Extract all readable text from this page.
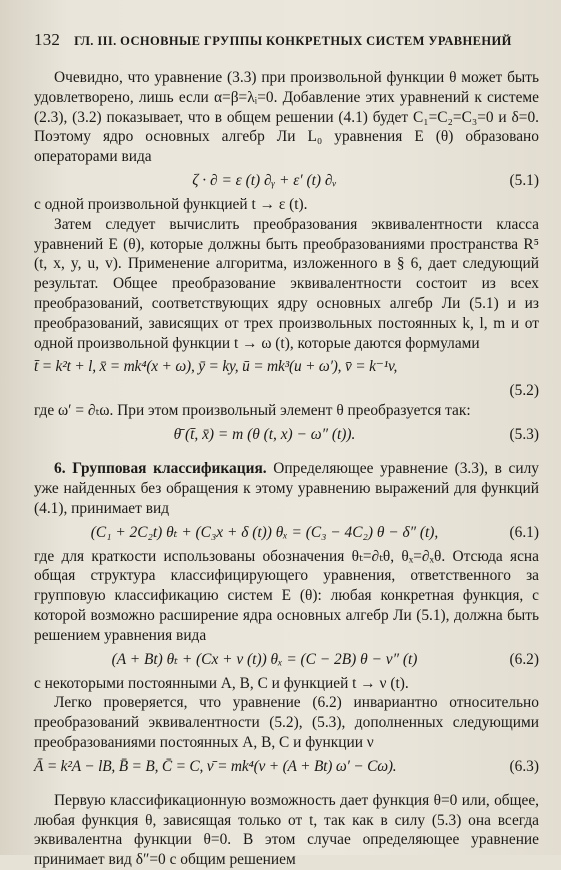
132 ГЛ. III. ОСНОВНЫЕ ГРУППЫ КОНКРЕТНЫХ СИСТЕМ УРАВНЕНИЙ

Очевидно, что уравнение (3.3) при произвольной функции θ может быть удовлетворено, лишь если α=β=λᵢ=0. Добавление этих уравнений к системе (2.3), (3.2) показывает, что в общем решении (4.1) будет C₁=C₂=C₃=0 и δ=0. Поэтому ядро основных алгебр Ли L₀ уравнения E (θ) образовано операторами вида

ζ · ∂ = ε (t) ∂ᵧ + ε′ (t) ∂ᵥ	(5.1)

с одной произвольной функцией t → ε (t).

Затем следует вычислить преобразования эквивалентности класса уравнений E (θ), которые должны быть преобразованиями пространства R⁵ (t, x, y, u, v). Применение алгоритма, изложенного в § 6, дает следующий результат. Общее преобразование эквивалентности состоит из всех преобразований, соответствующих ядру основных алгебр Ли (5.1) и из преобразований, зависящих от трех произвольных постоянных k, l, m и от одной произвольной функции t → ω (t), которые даются формулами

t̄ = k²t + l, x̄ = mk⁴(x + ω), ȳ = ky, ū = mk³(u + ω′), v̄ = k⁻¹v,
(5.2)

где ω′ = ∂ₜω. При этом произвольный элемент θ преобразуется так:

θ̄ (t̄, x̄) = m (θ (t, x) − ω″ (t)).	(5.3)

6. Групповая классификация. Определяющее уравнение (3.3), в силу уже найденных без обращения к этому уравнению выражений для функций (4.1), принимает вид

(C₁ + 2C₂t) θₜ + (C₃x + δ (t)) θₓ = (C₃ − 4C₂) θ − δ″ (t),	(6.1)

где для краткости использованы обозначения θₜ=∂ₜθ, θₓ=∂ₓθ. Отсюда ясна общая структура классифицирующего уравнения, ответственного за групповую классификацию систем E (θ): любая конкретная функция, с которой возможно расширение ядра основных алгебр Ли (5.1), должна быть решением уравнения вида

(A + Bt) θₜ + (Cx + ν (t)) θₓ = (C − 2B) θ − ν″ (t)	(6.2)

с некоторыми постоянными A, B, C и функцией t → ν (t).

Легко проверяется, что уравнение (6.2) инвариантно относительно преобразований эквивалентности (5.2), (5.3), дополненных следующими преобразованиями постоянных A, B, C и функции ν

Ā = k²A − lB, B̄ = B, C̄ = C, ν̄ = mk⁴(ν + (A + Bt) ω′ − Cω).	(6.3)

Первую классификационную возможность дает функция θ=0 или, общее, любая функция θ, зависящая только от t, так как в силу (5.3) она всегда эквивалентна функции θ=0. В этом случае определяющее уравнение принимает вид δ″=0 с общим решением
